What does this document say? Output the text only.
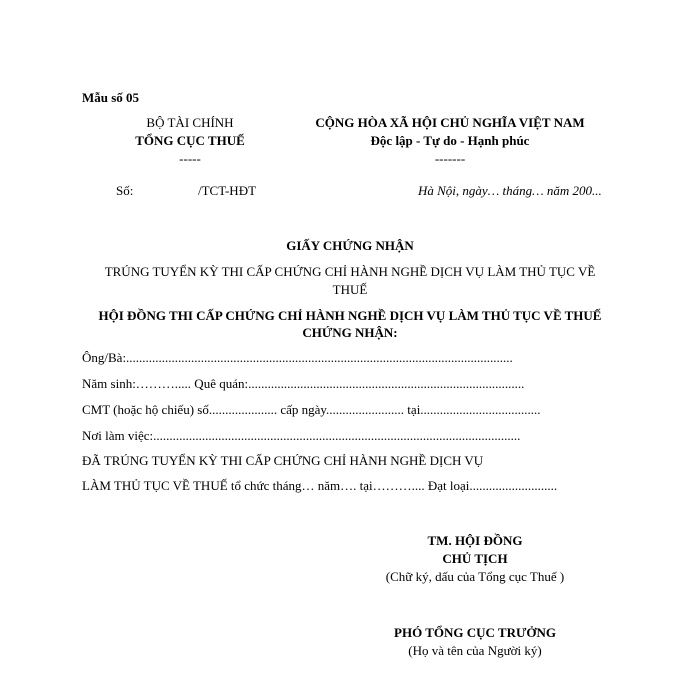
Mẫu số 05
BỘ TÀI CHÍNH
TỔNG CỤC THUẾ
-----
CỘNG HÒA XÃ HỘI CHỦ NGHĨA VIỆT NAM
Độc lập - Tự do - Hạnh phúc
-------
Số:	/TCT-HĐT	Hà Nội, ngày… tháng… năm 200...
GIẤY CHỨNG NHẬN
TRÚNG TUYỂN KỲ THI CẤP CHỨNG CHỈ HÀNH NGHỀ DỊCH VỤ LÀM THỦ TỤC VỀ
THUẾ
HỘI ĐỒNG THI CẤP CHỨNG CHỈ HÀNH NGHỀ DỊCH VỤ LÀM THỦ TỤC VỀ THUẾ
CHỨNG NHẬN:
Ông/Bà:.......................................................................................................................
Năm sinh:………..... Quê quán:.....................................................................................
CMT (hoặc hộ chiếu) số..................... cấp ngày........................ tại.....................................
Nơi làm việc:.................................................................................................................
ĐÃ TRÚNG TUYỂN KỲ THI CẤP CHỨNG CHỈ HÀNH NGHỀ DỊCH VỤ
LÀM THỦ TỤC VỀ THUẾ tổ chức tháng… năm…. tại……….... Đạt loại...........................
TM. HỘI ĐỒNG
CHỦ TỊCH
(Chữ ký, dấu của Tổng cục Thuế )
PHÓ TỔNG CỤC TRƯỞNG
(Họ và tên của Người ký)
